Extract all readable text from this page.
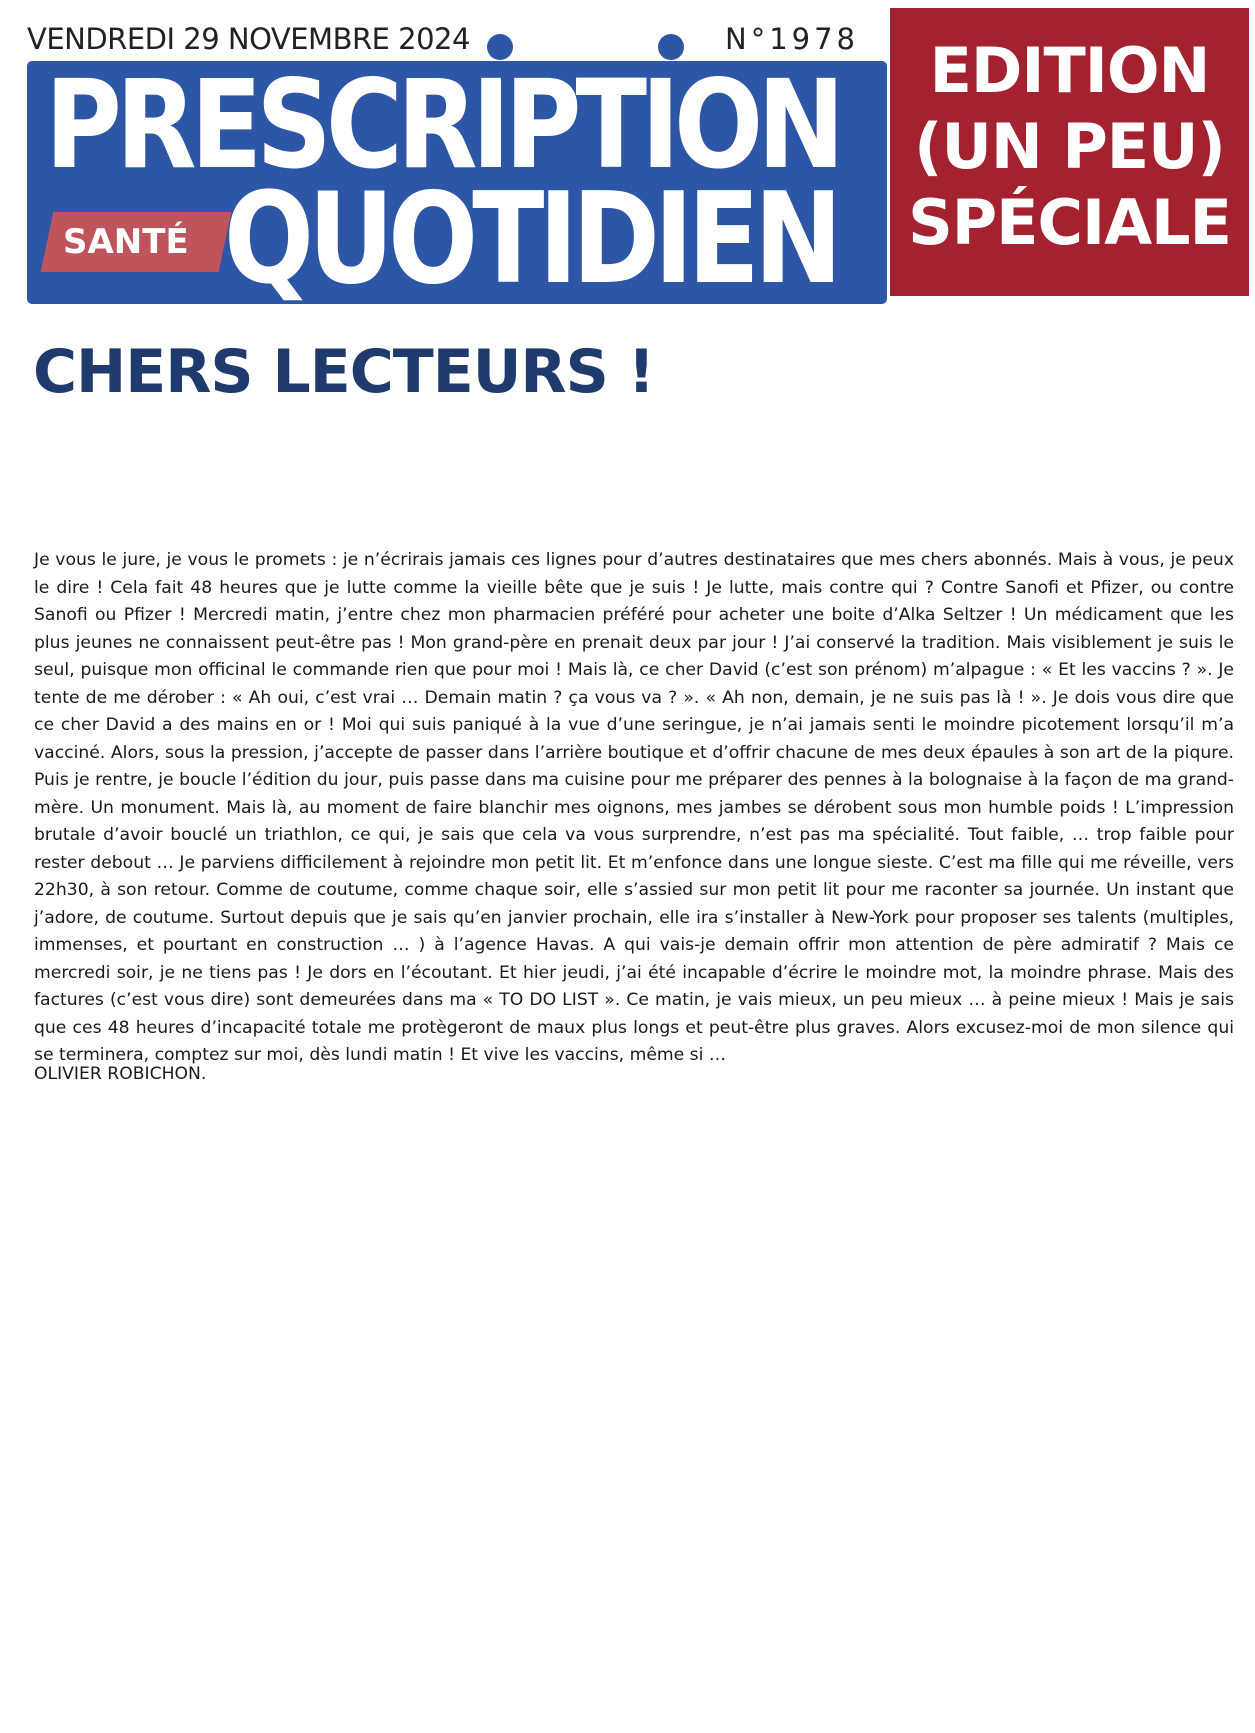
VENDREDI 29 NOVEMBRE 2024	N°1978
PRESCRIPTION
SANTÉ QUOTIDIEN
EDITION
(UN PEU)
SPÉCIALE
CHERS LECTEURS !

Je vous le jure, je vous le promets : je n’écrirais jamais ces lignes pour d’autres destinataires que mes chers abonnés. Mais à vous, je peux le dire ! Cela fait 48 heures que je lutte comme la vieille bête que je suis ! Je lutte, mais contre qui ? Contre Sanofi et Pfizer, ou contre Sanofi ou Pfizer ! Mercredi matin, j’entre chez mon pharmacien préféré pour acheter une boite d’Alka Seltzer ! Un médicament que les plus jeunes ne connaissent peut-être pas ! Mon grand-père en prenait deux par jour ! J’ai conservé la tradition. Mais visiblement je suis le seul, puisque mon officinal le commande rien que pour moi ! Mais là, ce cher David (c’est son prénom) m’alpague : « Et les vaccins ? ». Je tente de me dérober : « Ah oui, c’est vrai … Demain matin ? ça vous va ? ». « Ah non, demain, je ne suis pas là ! ». Je dois vous dire que ce cher David a des mains en or ! Moi qui suis paniqué à la vue d’une seringue, je n’ai jamais senti le moindre picotement lorsqu’il m’a vacciné. Alors, sous la pression, j’accepte de passer dans l’arrière boutique et d’offrir chacune de mes deux épaules à son art de la piqure. Puis je rentre, je boucle l’édition du jour, puis passe dans ma cuisine pour me préparer des pennes à la bolognaise à la façon de ma grand-mère. Un monument. Mais là, au moment de faire blanchir mes oignons, mes jambes se dérobent sous mon humble poids ! L’impression brutale d’avoir bouclé un triathlon, ce qui, je sais que cela va vous surprendre, n’est pas ma spécialité. Tout faible, … trop faible pour rester debout … Je parviens difficilement à rejoindre mon petit lit. Et m’enfonce dans une longue sieste. C’est ma fille qui me réveille, vers 22h30, à son retour. Comme de coutume, comme chaque soir, elle s’assied sur mon petit lit pour me raconter sa journée. Un instant que j’adore, de coutume. Surtout depuis que je sais qu’en janvier prochain, elle ira s’installer à New-York pour proposer ses talents (multiples, immenses, et pourtant en construction … ) à l’agence Havas. A qui vais-je demain offrir mon attention de père admiratif ? Mais ce mercredi soir, je ne tiens pas ! Je dors en l’écoutant. Et hier jeudi, j’ai été incapable d’écrire le moindre mot, la moindre phrase. Mais des factures (c’est vous dire) sont demeurées dans ma « TO DO LIST ». Ce matin, je vais mieux, un peu mieux … à peine mieux ! Mais je sais que ces 48 heures d’incapacité totale me protègeront de maux plus longs et peut-être plus graves. Alors excusez-moi de mon silence qui se terminera, comptez sur moi, dès lundi matin ! Et vive les vaccins, même si …

OLIVIER ROBICHON.
